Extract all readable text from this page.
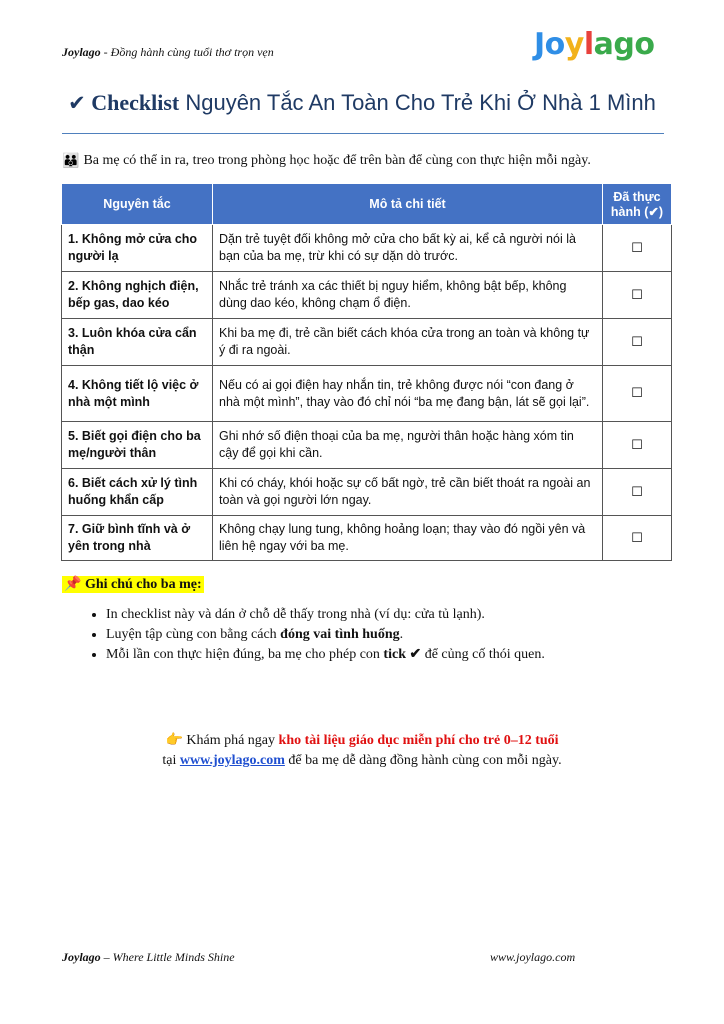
Joylago - Đồng hành cùng tuổi thơ trọn vẹn	Jo y l ago
✔ Checklist Nguyên Tắc An Toàn Cho Trẻ Khi Ở Nhà 1 Mình
👪 Ba mẹ có thể in ra, treo trong phòng học hoặc để trên bàn để cùng con thực hiện mỗi ngày.
Nguyên tắc	Mô tả chi tiết	Đã thực hành (✔)
1. Không mở cửa cho người lạ	Dặn trẻ tuyệt đối không mở cửa cho bất kỳ ai, kể cả người nói là bạn của ba mẹ, trừ khi có sự dặn dò trước.	☐
2. Không nghịch điện, bếp gas, dao kéo	Nhắc trẻ tránh xa các thiết bị nguy hiểm, không bật bếp, không dùng dao kéo, không chạm ổ điện.	☐
3. Luôn khóa cửa cẩn thận	Khi ba mẹ đi, trẻ cần biết cách khóa cửa trong an toàn và không tự ý đi ra ngoài.	☐
4. Không tiết lộ việc ở nhà một mình	Nếu có ai gọi điện hay nhắn tin, trẻ không được nói “con đang ở nhà một mình”, thay vào đó chỉ nói “ba mẹ đang bận, lát sẽ gọi lại”.	☐
5. Biết gọi điện cho ba mẹ/người thân	Ghi nhớ số điện thoại của ba mẹ, người thân hoặc hàng xóm tin cậy để gọi khi cần.	☐
6. Biết cách xử lý tình huống khẩn cấp	Khi có cháy, khói hoặc sự cố bất ngờ, trẻ cần biết thoát ra ngoài an toàn và gọi người lớn ngay.	☐
7. Giữ bình tĩnh và ở yên trong nhà	Không chạy lung tung, không hoảng loạn; thay vào đó ngồi yên và liên hệ ngay với ba mẹ.	☐
📌 Ghi chú cho ba mẹ:
• In checklist này và dán ở chỗ dễ thấy trong nhà (ví dụ: cửa tủ lạnh).
• Luyện tập cùng con bằng cách đóng vai tình huống.
• Mỗi lần con thực hiện đúng, ba mẹ cho phép con tick ✔ để củng cố thói quen.
👉 Khám phá ngay kho tài liệu giáo dục miễn phí cho trẻ 0–12 tuổi
tại www.joylago.com để ba mẹ dễ dàng đồng hành cùng con mỗi ngày.
Joylago – Where Little Minds Shine	www.joylago.com
